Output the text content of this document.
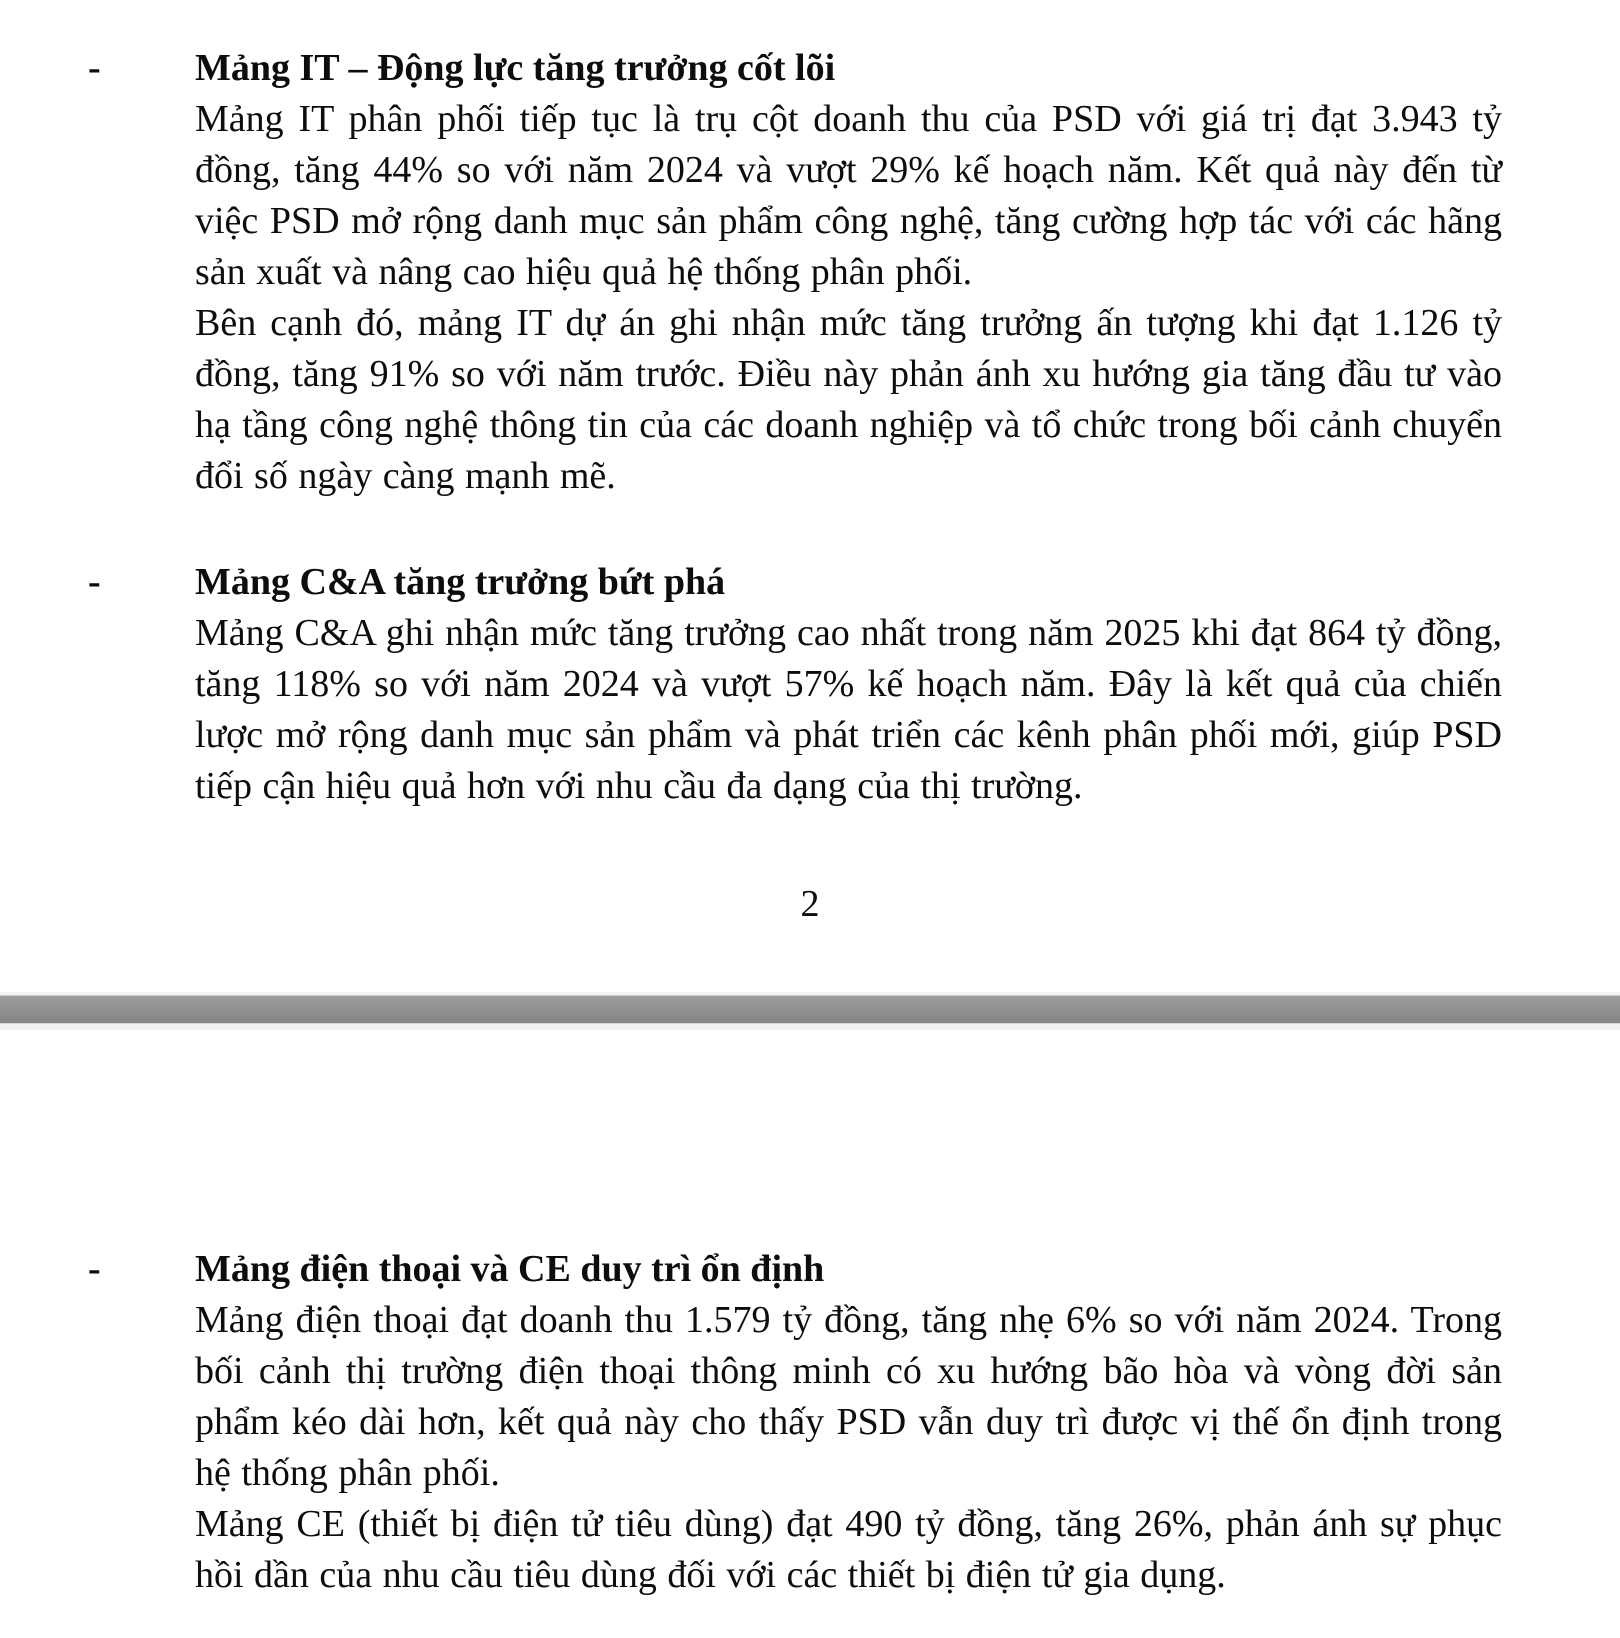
- Mảng IT – Động lực tăng trưởng cốt lõi

Mảng IT phân phối tiếp tục là trụ cột doanh thu của PSD với giá trị đạt 3.943 tỷ đồng, tăng 44% so với năm 2024 và vượt 29% kế hoạch năm. Kết quả này đến từ việc PSD mở rộng danh mục sản phẩm công nghệ, tăng cường hợp tác với các hãng sản xuất và nâng cao hiệu quả hệ thống phân phối.

Bên cạnh đó, mảng IT dự án ghi nhận mức tăng trưởng ấn tượng khi đạt 1.126 tỷ đồng, tăng 91% so với năm trước. Điều này phản ánh xu hướng gia tăng đầu tư vào hạ tầng công nghệ thông tin của các doanh nghiệp và tổ chức trong bối cảnh chuyển đổi số ngày càng mạnh mẽ.

- Mảng C&A tăng trưởng bứt phá

Mảng C&A ghi nhận mức tăng trưởng cao nhất trong năm 2025 khi đạt 864 tỷ đồng, tăng 118% so với năm 2024 và vượt 57% kế hoạch năm. Đây là kết quả của chiến lược mở rộng danh mục sản phẩm và phát triển các kênh phân phối mới, giúp PSD tiếp cận hiệu quả hơn với nhu cầu đa dạng của thị trường.

2
- Mảng điện thoại và CE duy trì ổn định

Mảng điện thoại đạt doanh thu 1.579 tỷ đồng, tăng nhẹ 6% so với năm 2024. Trong bối cảnh thị trường điện thoại thông minh có xu hướng bão hòa và vòng đời sản phẩm kéo dài hơn, kết quả này cho thấy PSD vẫn duy trì được vị thế ổn định trong hệ thống phân phối.

Mảng CE (thiết bị điện tử tiêu dùng) đạt 490 tỷ đồng, tăng 26%, phản ánh sự phục hồi dần của nhu cầu tiêu dùng đối với các thiết bị điện tử gia dụng.
